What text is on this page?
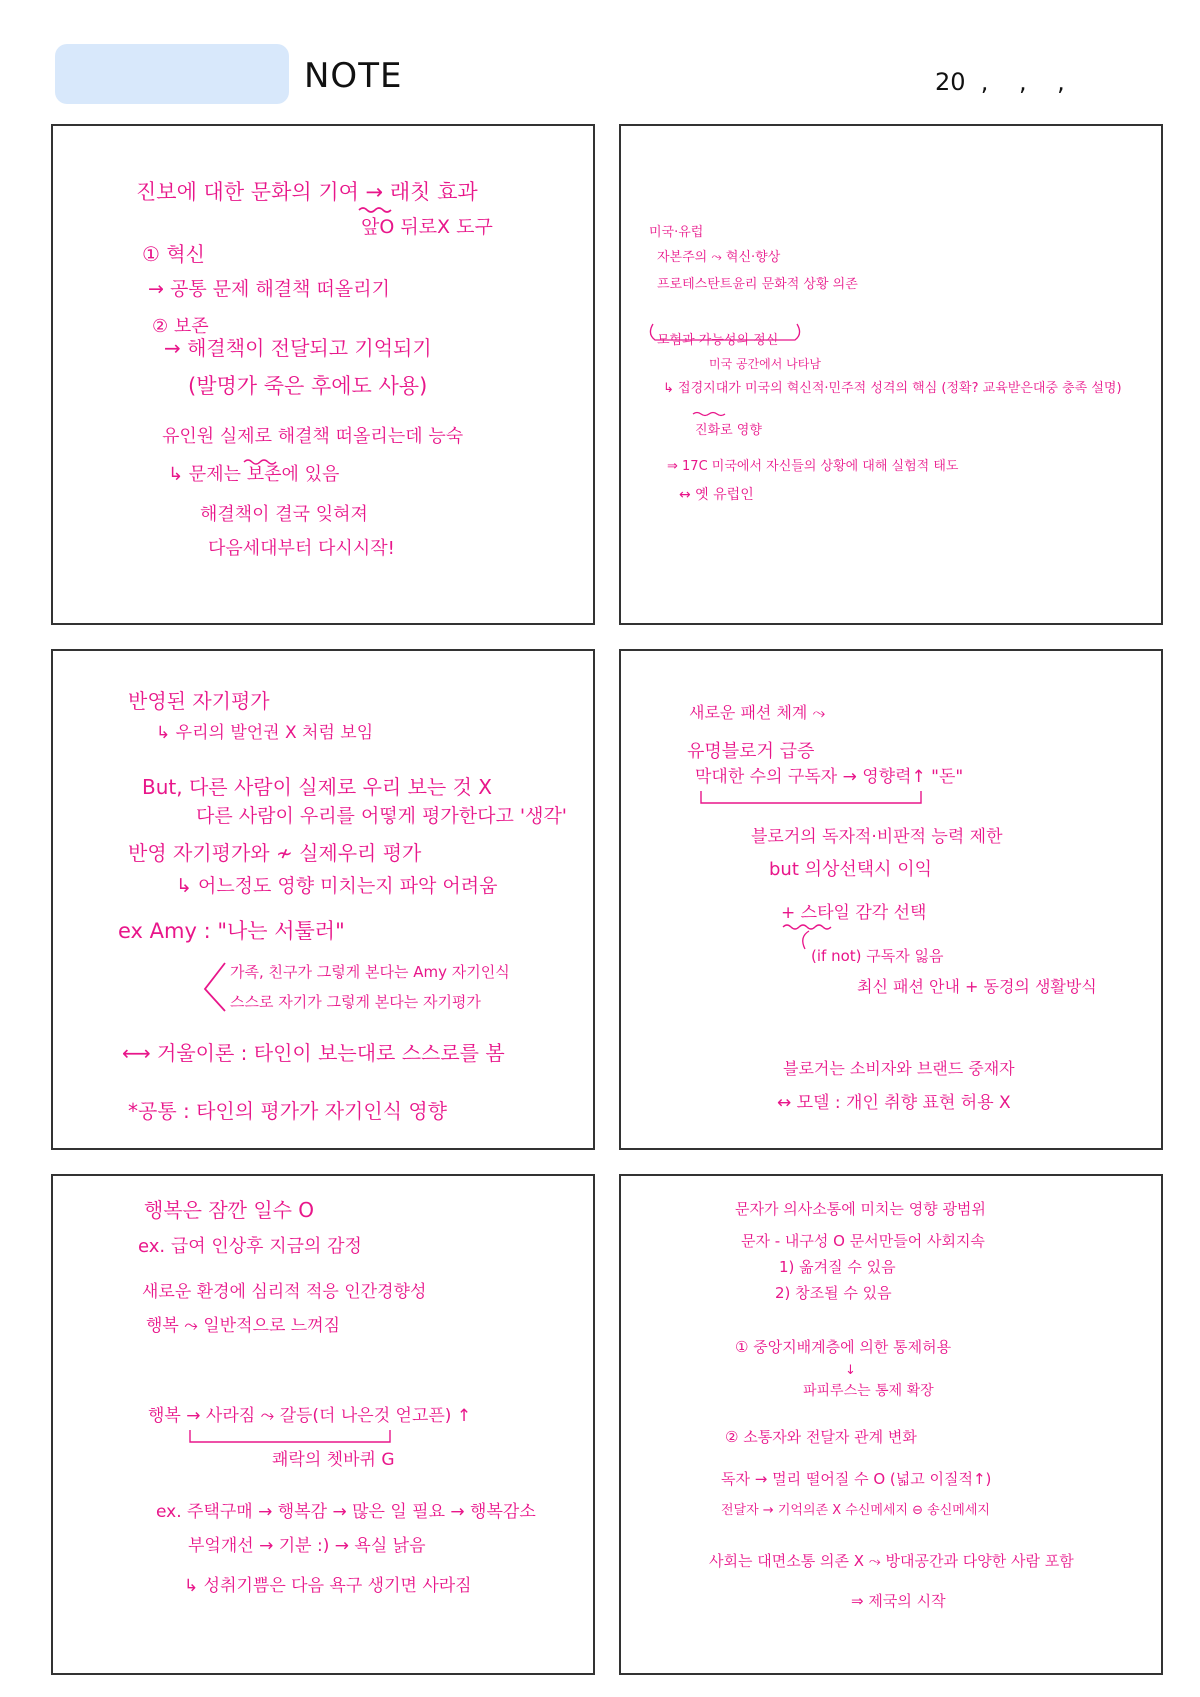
NOTE	20  ,    ,    ,
진보에 대한 문화의 기여 → 래칫 효과
앞O 뒤로X 도구
① 혁신
→ 공통 문제 해결책 떠올리기
② 보존
→ 해결책이 전달되고 기억되기
(발명가 죽은 후에도 사용)
유인원 실제로 해결책 떠올리는데 능숙
↳ 문제는 보존에 있음
해결책이 결국 잊혀져
다음세대부터 다시시작!
미국·유럽
자본주의 ⤳ 혁신·향상
프로테스탄트윤리 문화적 상황 의존
모험과 가능성의 정신
미국 공간에서 나타남
↳ 접경지대가 미국의 혁신적·민주적 성격의 핵심 (정확? 교육받은대중 충족 설명)
진화로 영향
⇒ 17C 미국에서 자신들의 상황에 대해 실험적 태도
↔ 옛 유럽인
반영된 자기평가
↳ 우리의 발언권 X 처럼 보임
But, 다른 사람이 실제로 우리 보는 것 X
다른 사람이 우리를 어떻게 평가한다고 '생각'
반영 자기평가와 ≁ 실제우리 평가
↳ 어느정도 영향 미치는지 파악 어려움
ex Amy : "나는 서툴러"
가족, 친구가 그렇게 본다는 Amy 자기인식
스스로 자기가 그렇게 본다는 자기평가
⟷ 거울이론 : 타인이 보는대로 스스로를 봄
*공통 : 타인의 평가가 자기인식 영향
새로운 패션 체계 ⤳
유명블로거 급증
막대한 수의 구독자 → 영향력↑ "돈"
블로거의 독자적·비판적 능력 제한
but 의상선택시 이익
+ 스타일 감각 선택
(if not) 구독자 잃음
최신 패션 안내 + 동경의 생활방식
블로거는 소비자와 브랜드 중재자
↔ 모델 : 개인 취향 표현 허용 X
행복은 잠깐 일수 O
ex. 급여 인상후 지금의 감정
새로운 환경에 심리적 적응 인간경향성
행복 ⤳ 일반적으로 느껴짐
행복 → 사라짐 ⤳ 갈등(더 나은것 얻고픈) ↑
쾌락의 쳇바퀴 G
ex. 주택구매 → 행복감 → 많은 일 필요 → 행복감소
부엌개선 → 기분 :) → 욕실 낡음
↳ 성취기쁨은 다음 욕구 생기면 사라짐
문자가 의사소통에 미치는 영향 광범위
문자 - 내구성 O 문서만들어 사회지속
1) 옮겨질 수 있음
2) 창조될 수 있음
① 중앙지배계층에 의한 통제허용
↓
파피루스는 통제 확장
② 소통자와 전달자 관계 변화
독자 → 멀리 떨어질 수 O (넓고 이질적↑)
전달자 → 기억의존 X 수신메세지 ⊖ 송신메세지
사회는 대면소통 의존 X ⤳ 방대공간과 다양한 사람 포함
⇒ 제국의 시작
